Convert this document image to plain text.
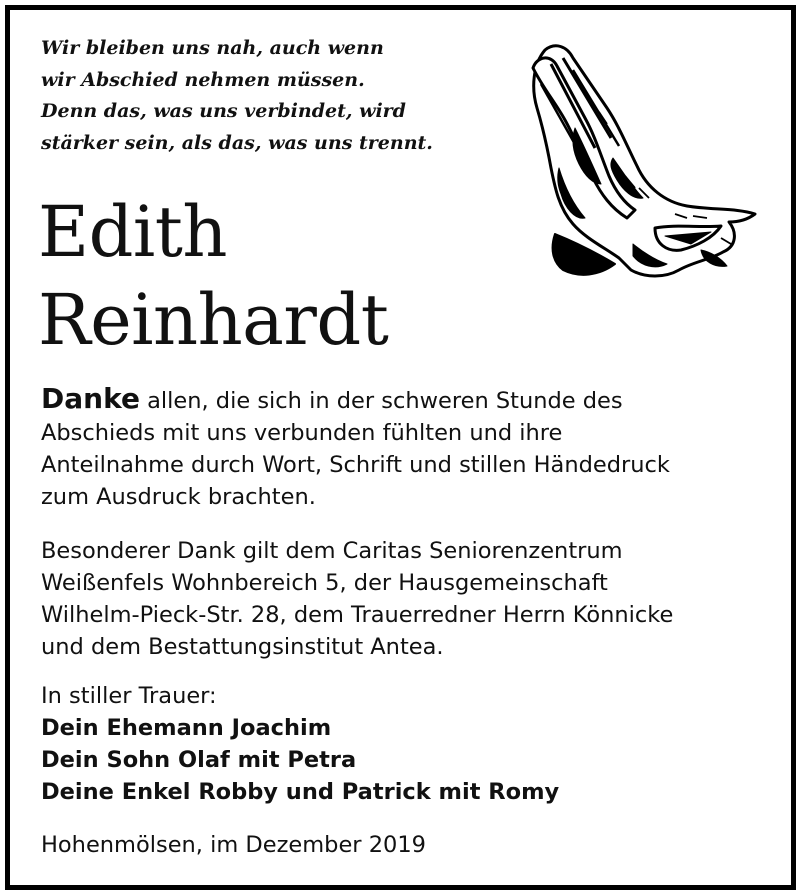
Wir bleiben uns nah, auch wenn
wir Abschied nehmen müssen.
Denn das, was uns verbindet, wird
stärker sein, als das, was uns trennt.
Edith
Reinhardt
Danke allen, die sich in der schweren Stunde des
Abschieds mit uns verbunden fühlten und ihre
Anteilnahme durch Wort, Schrift und stillen Händedruck
zum Ausdruck brachten.
Besonderer Dank gilt dem Caritas Seniorenzentrum
Weißenfels Wohnbereich 5, der Hausgemeinschaft
Wilhelm-Pieck-Str. 28, dem Trauerredner Herrn Könnicke
und dem Bestattungsinstitut Antea.
In stiller Trauer:
Dein Ehemann Joachim
Dein Sohn Olaf mit Petra
Deine Enkel Robby und Patrick mit Romy
Hohenmölsen, im Dezember 2019
